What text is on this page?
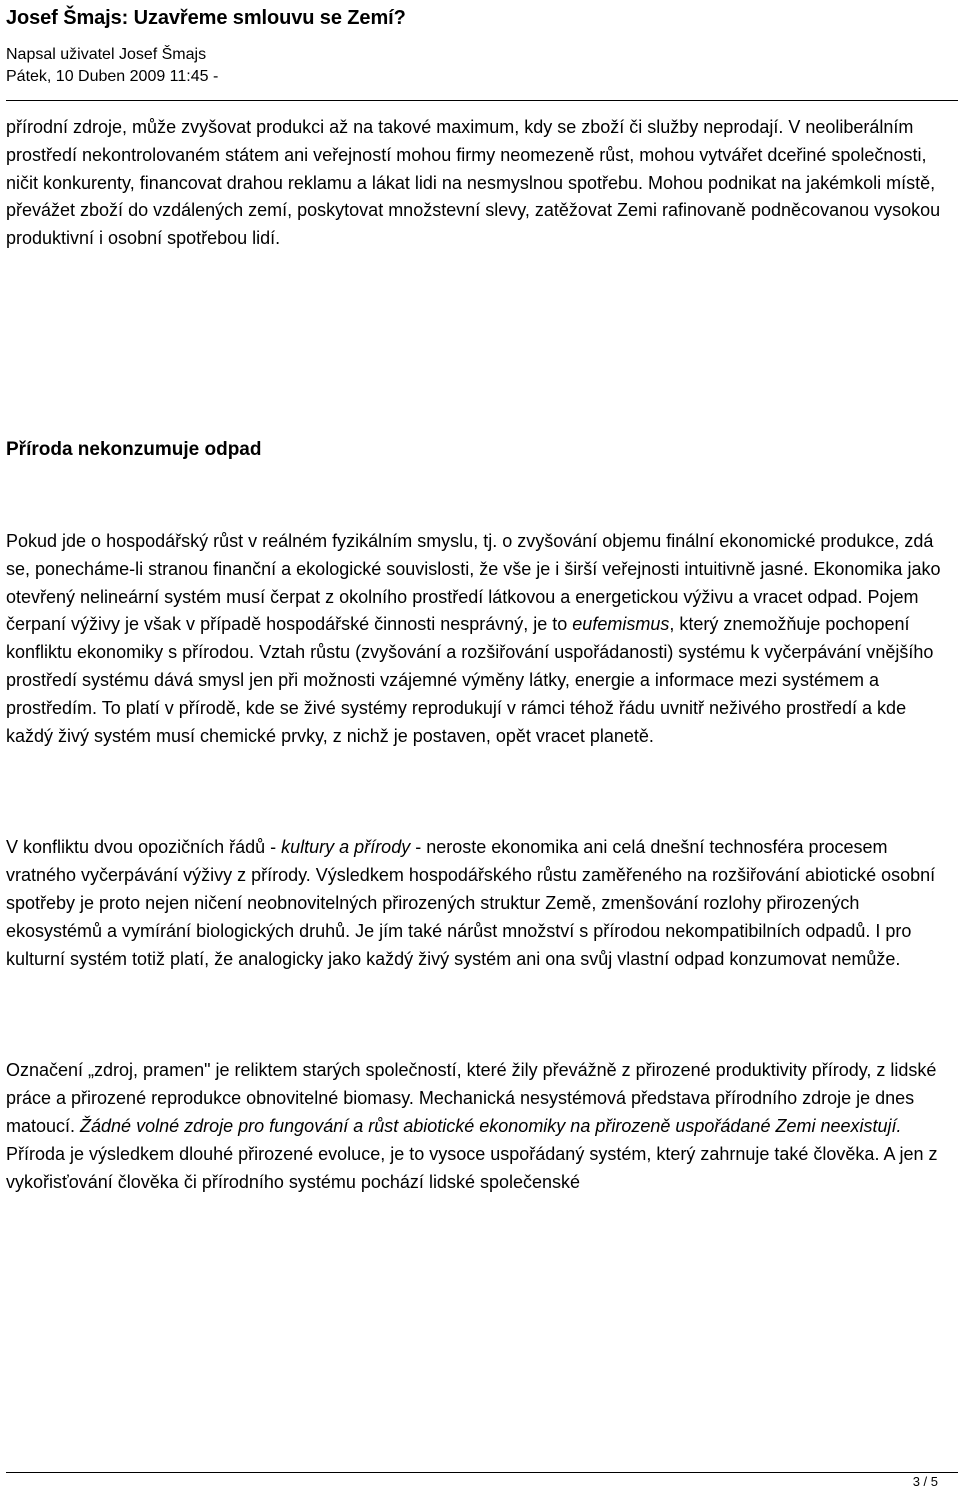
Josef Šmajs: Uzavřeme smlouvu se Zemí?
Napsal uživatel Josef Šmajs
Pátek, 10 Duben 2009 11:45 -

přírodní zdroje, může zvyšovat produkci až na takové maximum, kdy se zboží či služby neprodají. V neoliberálním prostředí nekontrolovaném státem ani veřejností mohou firmy neomezeně růst, mohou vytvářet dceřiné společnosti, ničit konkurenty, financovat drahou reklamu a lákat lidi na nesmyslnou spotřebu. Mohou podnikat na jakémkoli místě, převážet zboží do vzdálených zemí, poskytovat množstevní slevy, zatěžovat Zemi rafinovaně podněcovanou vysokou produktivní i osobní spotřebou lidí.

Příroda nekonzumuje odpad

Pokud jde o hospodářský růst v reálném fyzikálním smyslu, tj. o zvyšování objemu finální ekonomické produkce, zdá se, ponecháme-li stranou finanční a ekologické souvislosti, že vše je i širší veřejnosti intuitivně jasné. Ekonomika jako otevřený nelineární systém musí čerpat z okolního prostředí látkovou a energetickou výživu a vracet odpad. Pojem čerpaní výživy je však v případě hospodářské činnosti nesprávný, je to eufemismus, který znemožňuje pochopení konfliktu ekonomiky s přírodou. Vztah růstu (zvyšování a rozšiřování uspořádanosti) systému k vyčerpávání vnějšího prostředí systému dává smysl jen při možnosti vzájemné výměny látky, energie a informace mezi systémem a prostředím. To platí v přírodě, kde se živé systémy reprodukují v rámci téhož řádu uvnitř neživého prostředí a kde každý živý systém musí chemické prvky, z nichž je postaven, opět vracet planetě.

V konfliktu dvou opozičních řádů - kultury a přírody - neroste ekonomika ani celá dnešní technosféra procesem vratného vyčerpávání výživy z přírody. Výsledkem hospodářského růstu zaměřeného na rozšiřování abiotické osobní spotřeby je proto nejen ničení neobnovitelných přirozených struktur Země, zmenšování rozlohy přirozených ekosystémů a vymírání biologických druhů. Je jím také nárůst množství s přírodou nekompatibilních odpadů. I pro kulturní systém totiž platí, že analogicky jako každý živý systém ani ona svůj vlastní odpad konzumovat nemůže.

Označení „zdroj, pramen" je reliktem starých společností, které žily převážně z přirozené produktivity přírody, z lidské práce a přirozené reprodukce obnovitelné biomasy. Mechanická nesystémová představa přírodního zdroje je dnes matoucí. Žádné volné zdroje pro fungování a růst abiotické ekonomiky na přirozeně uspořádané Zemi neexistují.

Příroda je výsledkem dlouhé přirozené evoluce, je to vysoce uspořádaný systém, který zahrnuje také člověka. A jen z vykořisťování člověka či přírodního systému pochází lidské společenské

3 / 5
